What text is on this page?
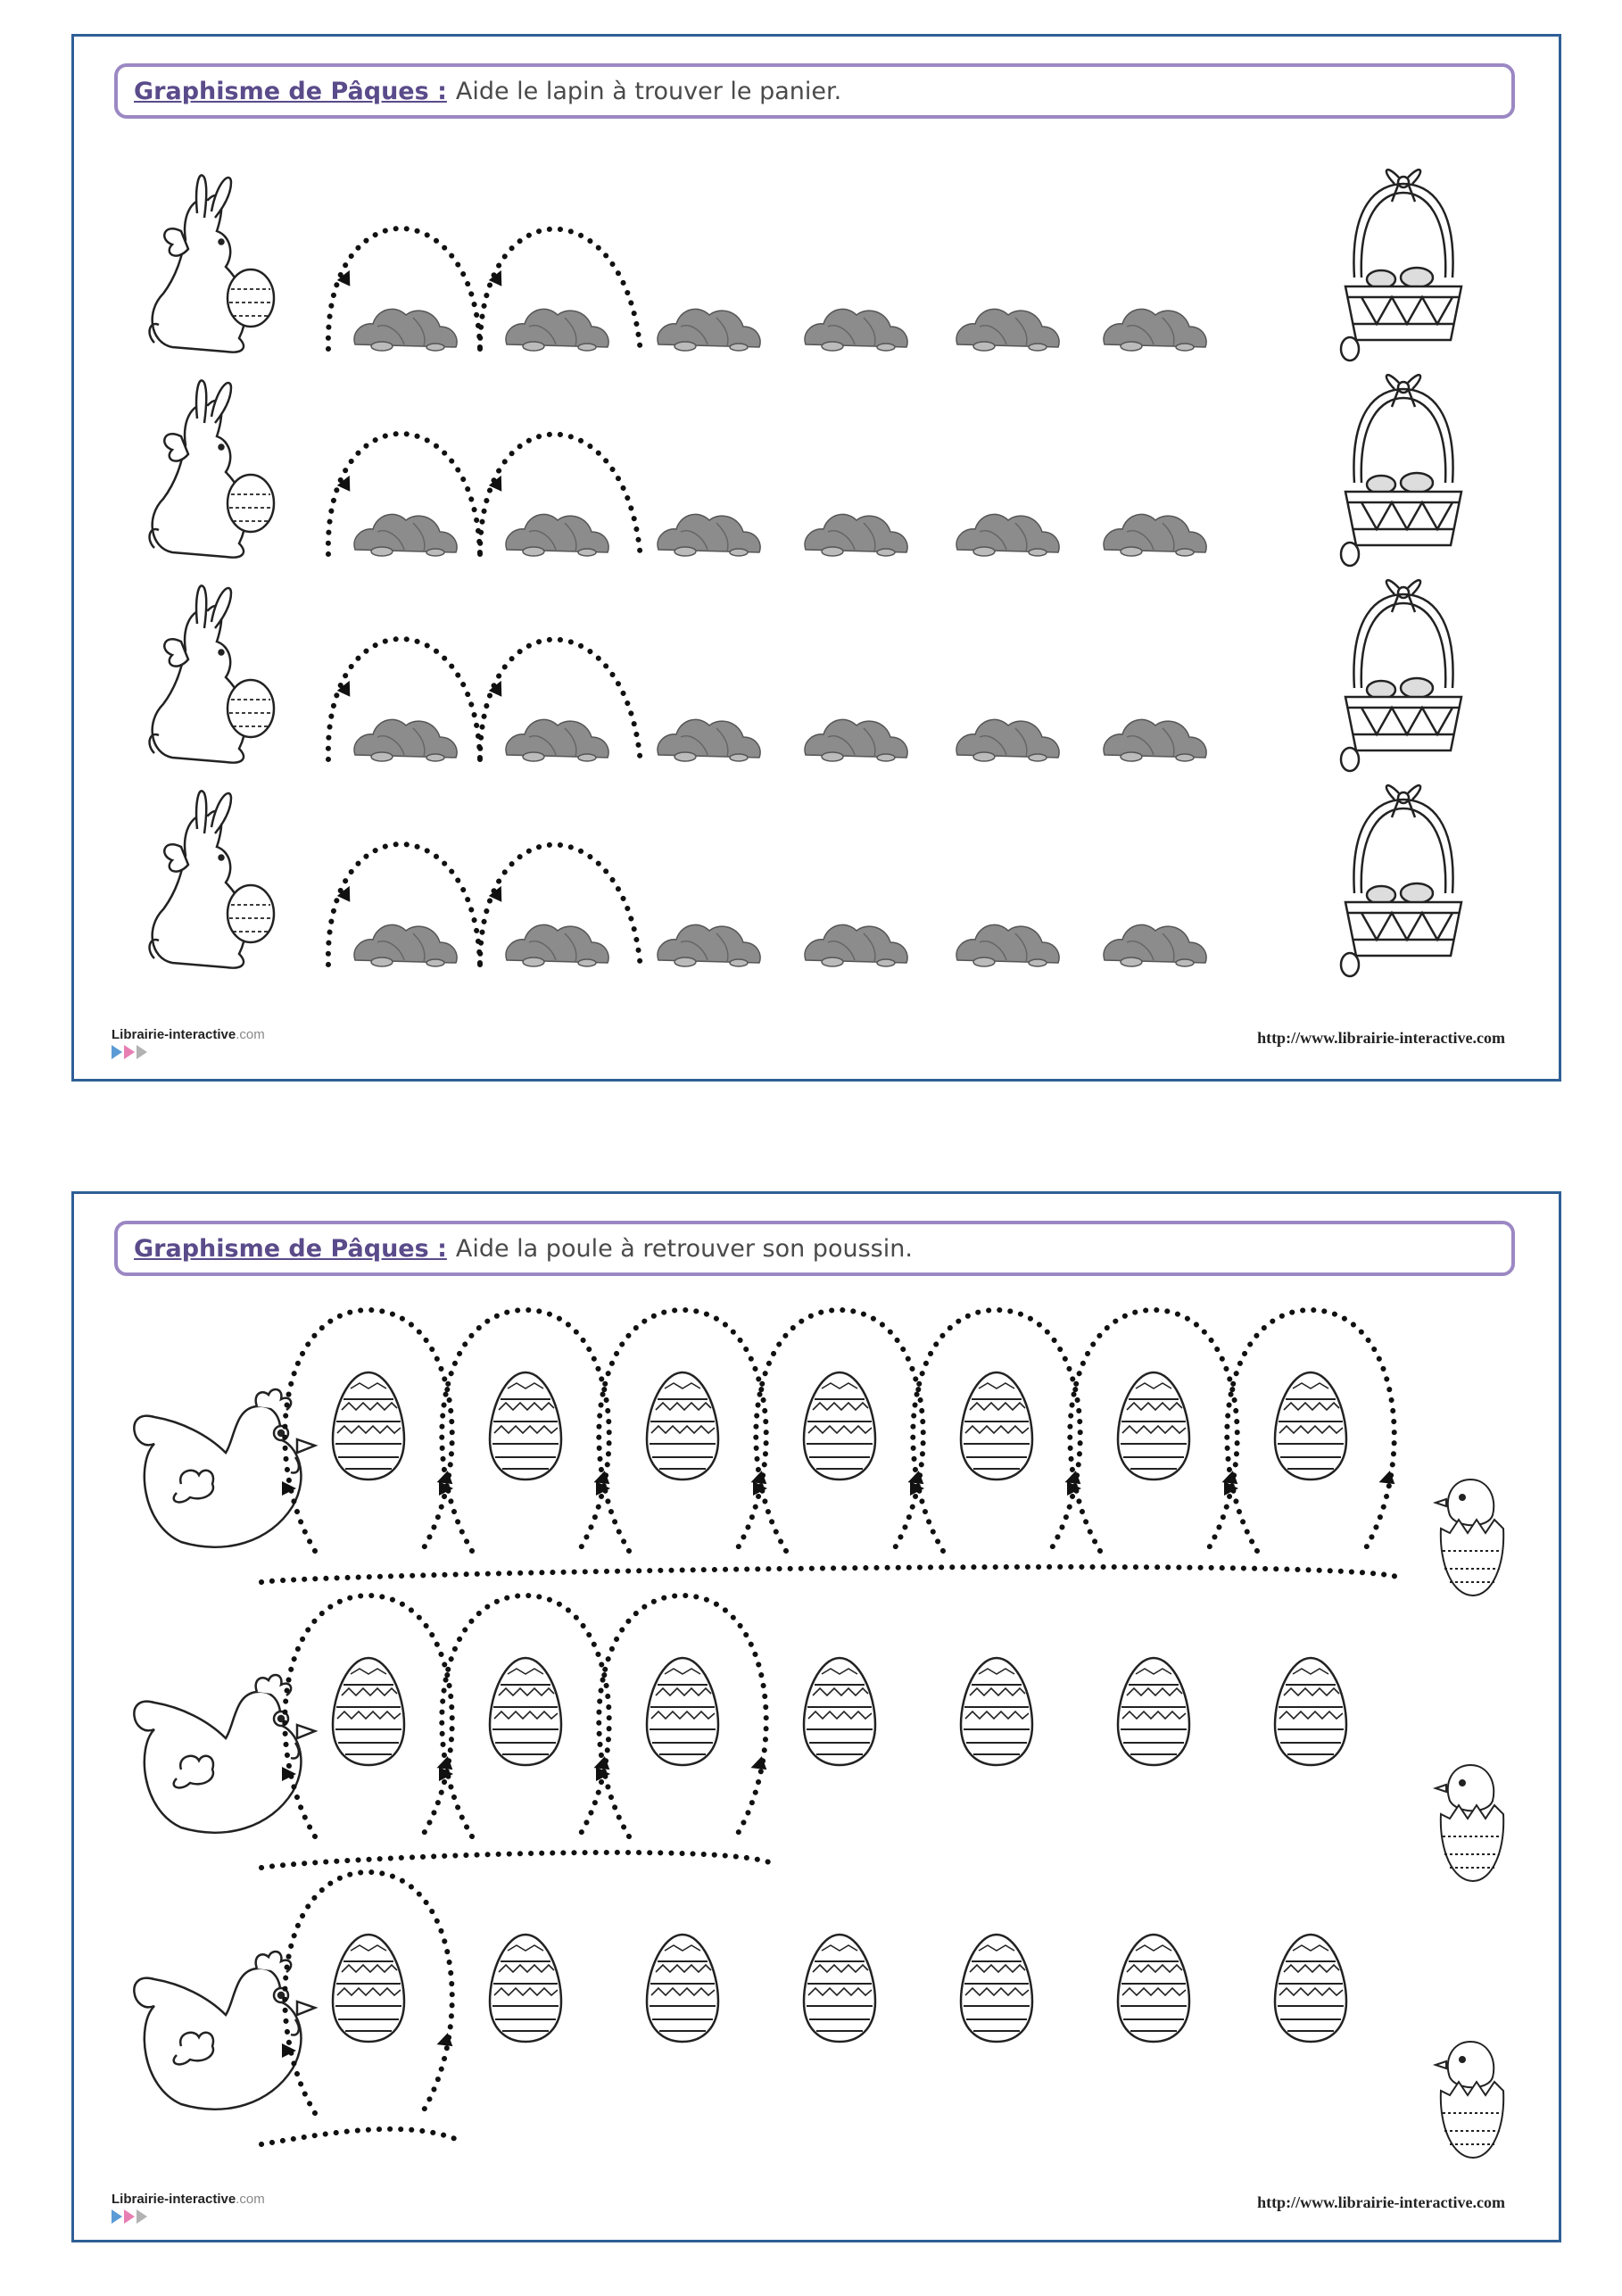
Graphisme de Pâques : Aide le lapin à trouver le panier.
Librairie-interactive.com	http://www.librairie-interactive.com
Graphisme de Pâques : Aide la poule à retrouver son poussin.
Librairie-interactive.com	http://www.librairie-interactive.com
